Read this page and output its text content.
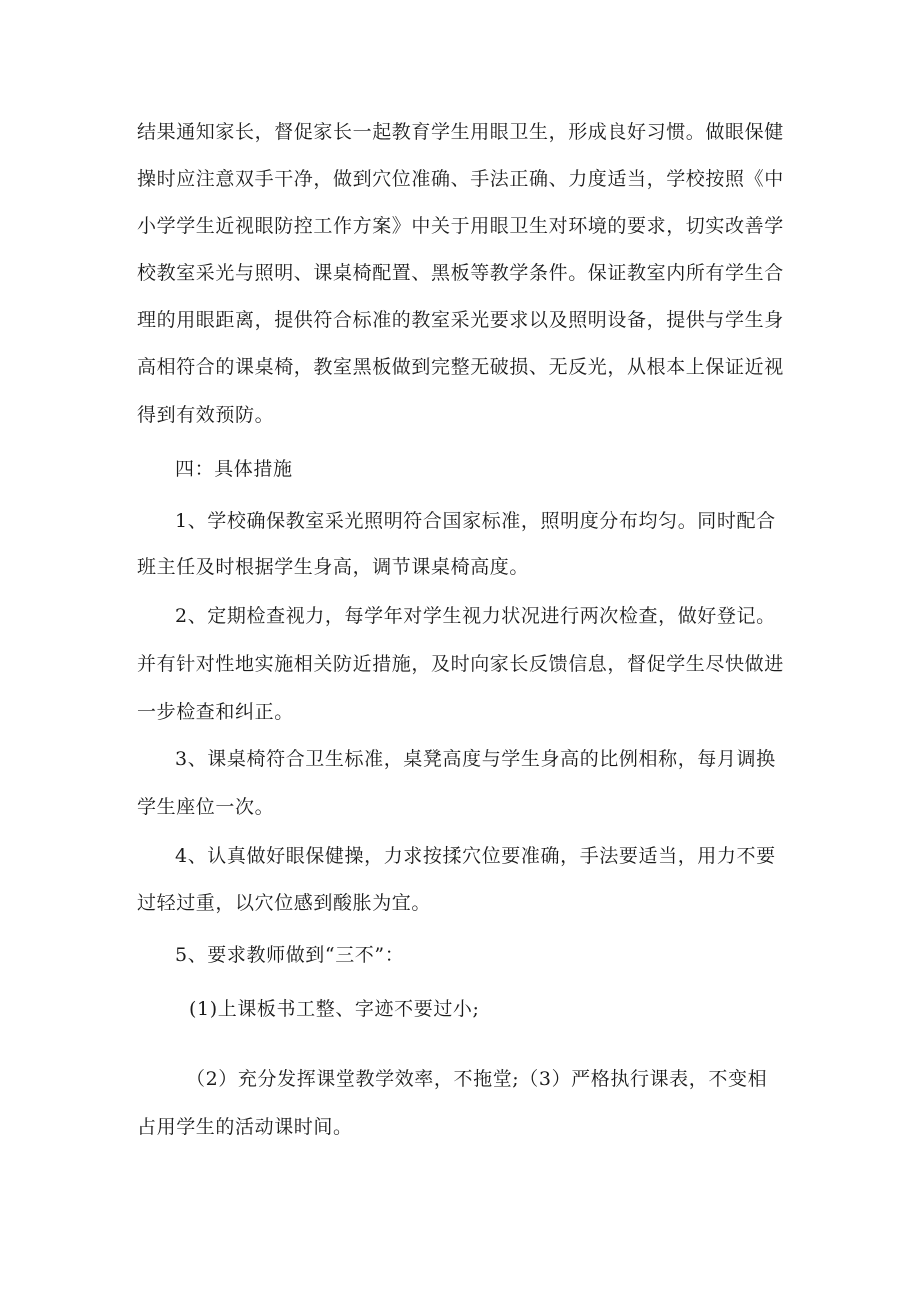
结果通知家长，督促家长一起教育学生用眼卫生，形成良好习惯。做眼保健
操时应注意双手干净，做到穴位准确、手法正确、力度适当，学校按照《中
小学学生近视眼防控工作方案》中关于用眼卫生对环境的要求，切实改善学
校教室采光与照明、课桌椅配置、黑板等教学条件。保证教室内所有学生合
理的用眼距离，提供符合标准的教室采光要求以及照明设备，提供与学生身
高相符合的课桌椅，教室黑板做到完整无破损、无反光，从根本上保证近视
得到有效预防。
四：具体措施
1、学校确保教室采光照明符合国家标准，照明度分布均匀。同时配合
班主任及时根据学生身高，调节课桌椅高度。
2、定期检查视力，每学年对学生视力状况进行两次检查，做好登记。
并有针对性地实施相关防近措施，及时向家长反馈信息，督促学生尽快做进
一步检查和纠正。
3、课桌椅符合卫生标准，桌凳高度与学生身高的比例相称，每月调换
学生座位一次。
4、认真做好眼保健操，力求按揉穴位要准确，手法要适当，用力不要
过轻过重，以穴位感到酸胀为宜。
5、要求教师做到“三不”：
(1)上课板书工整、字迹不要过小;
（2）充分发挥课堂教学效率，不拖堂;（3）严格执行课表，不变相
占用学生的活动课时间。
